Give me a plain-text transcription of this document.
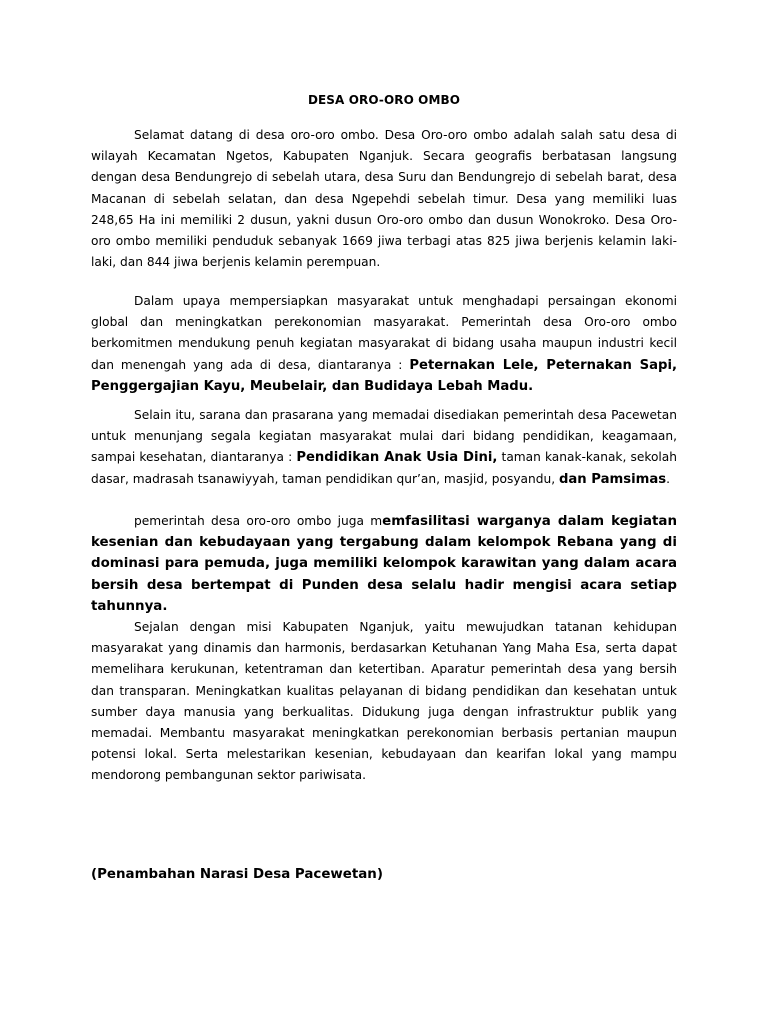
DESA ORO-ORO OMBO

Selamat datang di desa oro-oro ombo. Desa Oro-oro ombo adalah salah satu desa di wilayah Kecamatan Ngetos, Kabupaten Nganjuk. Secara geografis berbatasan langsung dengan desa Bendungrejo di sebelah utara, desa Suru dan Bendungrejo di sebelah barat, desa Macanan di sebelah selatan, dan desa Ngepehdi sebelah timur. Desa yang memiliki luas 248,65 Ha ini memiliki 2 dusun, yakni dusun Oro-oro ombo dan dusun Wonokroko. Desa Oro-oro ombo memiliki penduduk sebanyak 1669 jiwa terbagi atas 825 jiwa berjenis kelamin laki-laki, dan 844 jiwa berjenis kelamin perempuan.

Dalam upaya mempersiapkan masyarakat untuk menghadapi persaingan ekonomi global dan meningkatkan perekonomian masyarakat. Pemerintah desa Oro-oro ombo berkomitmen mendukung penuh kegiatan masyarakat di bidang usaha maupun industri kecil dan menengah yang ada di desa, diantaranya : Peternakan Lele, Peternakan Sapi, Penggergajian Kayu, Meubelair, dan Budidaya Lebah Madu.

Selain itu, sarana dan prasarana yang memadai disediakan pemerintah desa Pacewetan untuk menunjang segala kegiatan masyarakat mulai dari bidang pendidikan, keagamaan, sampai kesehatan, diantaranya : Pendidikan Anak Usia Dini, taman kanak-kanak, sekolah dasar, madrasah tsanawiyyah, taman pendidikan qur’an, masjid, posyandu, dan Pamsimas.

pemerintah desa oro-oro ombo juga memfasilitasi warganya dalam kegiatan kesenian dan kebudayaan yang tergabung dalam kelompok Rebana yang di dominasi para pemuda, juga memiliki kelompok karawitan yang dalam acara bersih desa bertempat di Punden desa selalu hadir mengisi acara setiap tahunnya.

Sejalan dengan misi Kabupaten Nganjuk, yaitu mewujudkan tatanan kehidupan masyarakat yang dinamis dan harmonis, berdasarkan Ketuhanan Yang Maha Esa, serta dapat memelihara kerukunan, ketentraman dan ketertiban. Aparatur pemerintah desa yang bersih dan transparan. Meningkatkan kualitas pelayanan di bidang pendidikan dan kesehatan untuk sumber daya manusia yang berkualitas. Didukung juga dengan infrastruktur publik yang memadai. Membantu masyarakat meningkatkan perekonomian berbasis pertanian maupun potensi lokal. Serta melestarikan kesenian, kebudayaan dan kearifan lokal yang mampu mendorong pembangunan sektor pariwisata.

(Penambahan Narasi Desa Pacewetan)
